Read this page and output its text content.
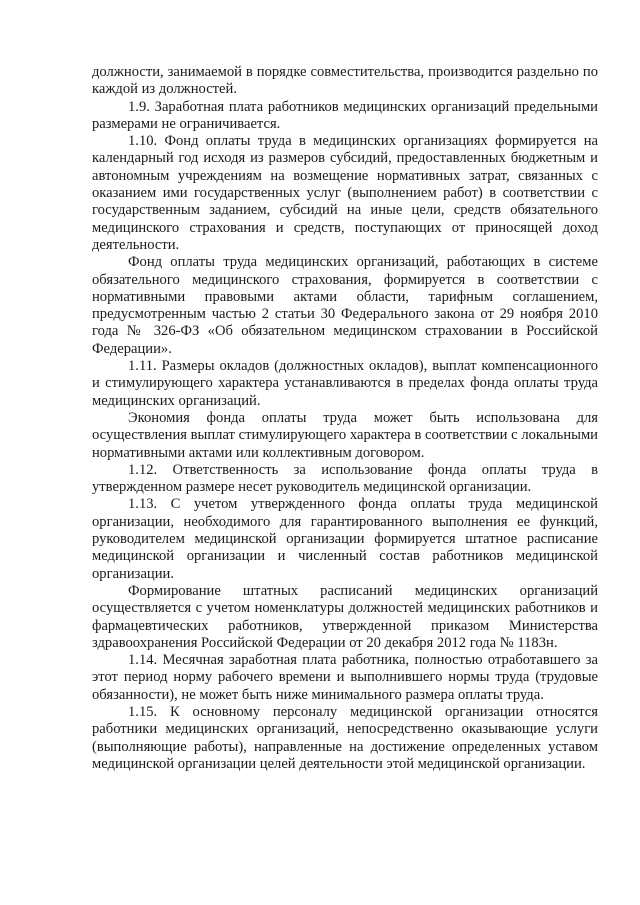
должности, занимаемой в порядке совместительства, производится раздельно по каждой из должностей.

1.9. Заработная плата работников медицинских организаций предельными размерами не ограничивается.

1.10. Фонд оплаты труда в медицинских организациях формируется на календарный год исходя из размеров субсидий, предоставленных бюджетным и автономным учреждениям на возмещение нормативных затрат, связанных с оказанием ими государственных услуг (выполнением работ) в соответствии с государственным заданием, субсидий на иные цели, средств обязательного медицинского страхования и средств, поступающих от приносящей доход деятельности.

Фонд оплаты труда медицинских организаций, работающих в системе обязательного медицинского страхования, формируется в соответствии с нормативными правовыми актами области, тарифным соглашением, предусмотренным частью 2 статьи 30 Федерального закона от 29 ноября 2010 года № 326-ФЗ «Об обязательном медицинском страховании в Российской Федерации».

1.11. Размеры окладов (должностных окладов), выплат компенсационного и стимулирующего характера устанавливаются в пределах фонда оплаты труда медицинских организаций.

Экономия фонда оплаты труда может быть использована для осуществления выплат стимулирующего характера в соответствии с локальными нормативными актами или коллективным договором.

1.12. Ответственность за использование фонда оплаты труда в утвержденном размере несет руководитель медицинской организации.

1.13. С учетом утвержденного фонда оплаты труда медицинской организации, необходимого для гарантированного выполнения ее функций, руководителем медицинской организации формируется штатное расписание медицинской организации и численный состав работников медицинской организации.

Формирование штатных расписаний медицинских организаций осуществляется с учетом номенклатуры должностей медицинских работников и фармацевтических работников, утвержденной приказом Министерства здравоохранения Российской Федерации от 20 декабря 2012 года № 1183н.

1.14. Месячная заработная плата работника, полностью отработавшего за этот период норму рабочего времени и выполнившего нормы труда (трудовые обязанности), не может быть ниже минимального размера оплаты труда.

1.15. К основному персоналу медицинской организации относятся работники медицинских организаций, непосредственно оказывающие услуги (выполняющие работы), направленные на достижение определенных уставом медицинской организации целей деятельности этой медицинской организации.
